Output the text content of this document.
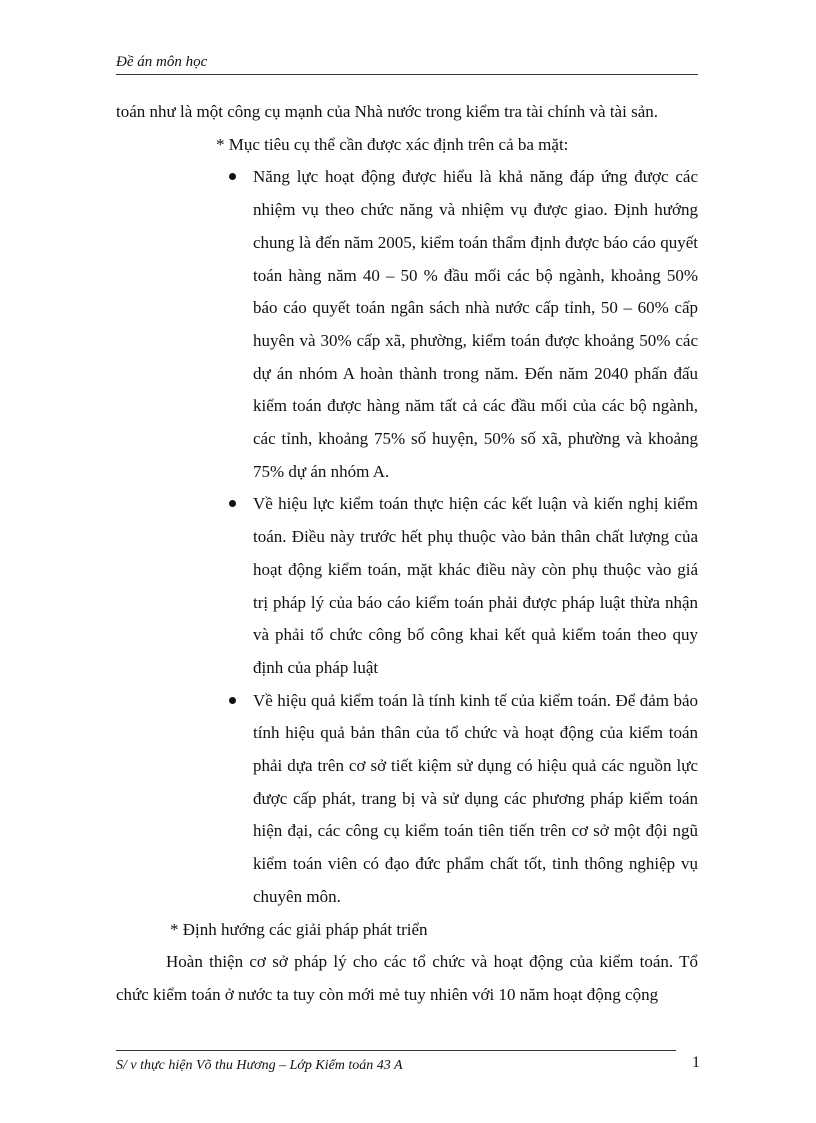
Đề án môn học

toán như là một công cụ mạnh của Nhà nước trong kiểm tra tài chính và tài sản.

* Mục tiêu cụ thể cần được xác định trên cả ba mặt:

Năng lực hoạt động được hiểu là khả năng đáp ứng được các nhiệm vụ theo chức năng và nhiệm vụ được giao. Định hướng chung là đến năm 2005, kiểm toán thẩm định được báo cáo quyết toán hàng năm 40 – 50 % đầu mối các bộ ngành, khoảng 50% báo cáo quyết toán ngân sách nhà nước cấp tỉnh, 50 – 60% cấp huyên và 30% cấp xã, phường, kiểm toán được khoảng 50% các dự án nhóm A hoàn thành trong năm. Đến năm 2040 phấn đấu kiểm toán được hàng năm tất cả các đầu mối của các bộ ngành, các tỉnh, khoảng 75% số huyện, 50% số xã, phường và khoảng 75% dự án nhóm A.
Về hiệu lực kiểm toán thực hiện các kết luận và kiến nghị kiểm toán. Điều này trước hết phụ thuộc vào bản thân chất lượng của hoạt động kiểm toán, mặt khác điều này còn phụ thuộc vào giá trị pháp lý của báo cáo kiểm toán phải được pháp luật thừa nhận và phải tổ chức công bố công khai kết quả kiểm toán theo quy định của pháp luật
Về hiệu quả kiểm toán là tính kinh tế của kiểm toán. Để đảm bảo tính hiệu quả bản thân của tổ chức và hoạt động của kiểm toán phải dựa trên cơ sở tiết kiệm sử dụng có hiệu quả các nguồn lực được cấp phát, trang bị và sử dụng các phương pháp kiểm toán hiện đại, các công cụ kiểm toán tiên tiến trên cơ sở một đội ngũ kiểm toán viên có đạo đức phẩm chất tốt, tinh thông nghiệp vụ chuyên môn.

* Định hướng các giải pháp phát triển

Hoàn thiện cơ sở pháp lý cho các tổ chức và hoạt động của kiểm toán. Tổ chức kiểm toán ở nước ta tuy còn mới mẻ tuy nhiên với 10 năm hoạt động cộng

S/ v thực hiện Võ thu Hương – Lớp Kiểm toán 43 A	1
